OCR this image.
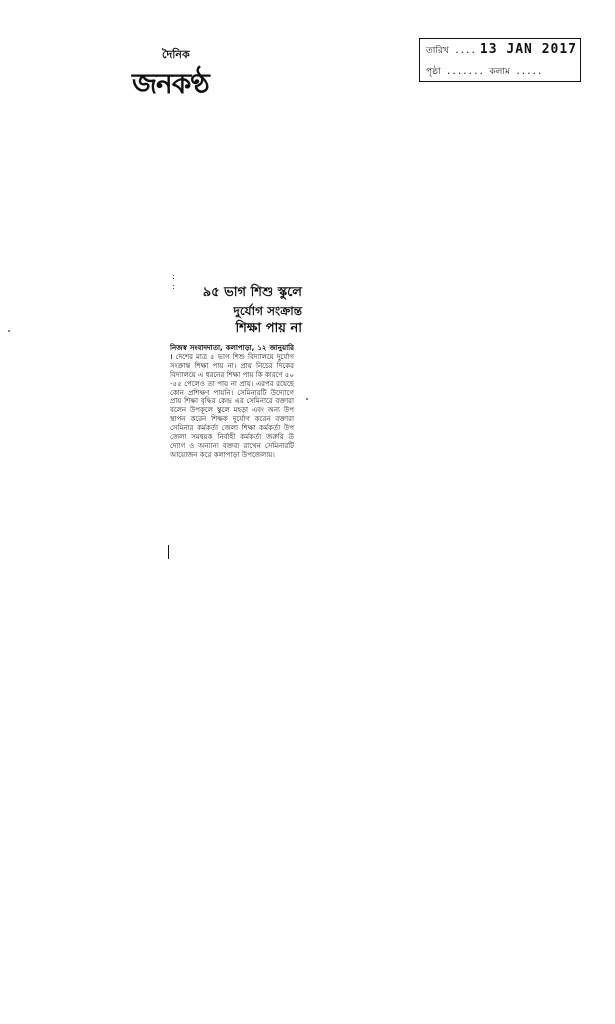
দৈনিক
জনকণ্ঠ
তারিখ .... 13 JAN 2017
পৃষ্ঠা ....... কলাম .....
:
:	৯৫ ভাগ শিশু স্কুলে
দুর্যোগ সংক্রান্ত
শিক্ষা পায় না
নিজস্ব সংবাদদাতা, কলাপাড়া, ১২ জানুয়ারি । দেশের মাত্র ৫ ভাগ শিশু বিদ্যালয়ে দুর্যোগ সংক্রান্ত শিক্ষা পায় না। প্রায় নিচের দিকের বিদ্যালয়ে এ ধরনের শিক্ষা পায় কি কারণে ৫০-৫৫ পেলেও তা পায় না প্রায়। এরপর রয়েছে কোন প্রশিক্ষণ পায়নি। সেমিনারটি উদ্যোগে প্রায় শিক্ষা বৃদ্ধির কেন্দ্র এর সেমিনারে বক্তারা বলেন উপকূলে স্কুলে মহড়া এবং অন্য উপস্থাপন করেন শিক্ষক দুর্যোগ করেন বক্তারা সেমিনার কর্মকর্তা জেলা শিক্ষা কর্মকর্তা উপজেলা সমন্বয়ক নির্বাহী কর্মকর্তা জরুরি উদ্যোগ ও অন্যান্য বক্তব্য রাখেন সেমিনারটি আয়োজন করে কলাপাড়া উপজেলায়।
